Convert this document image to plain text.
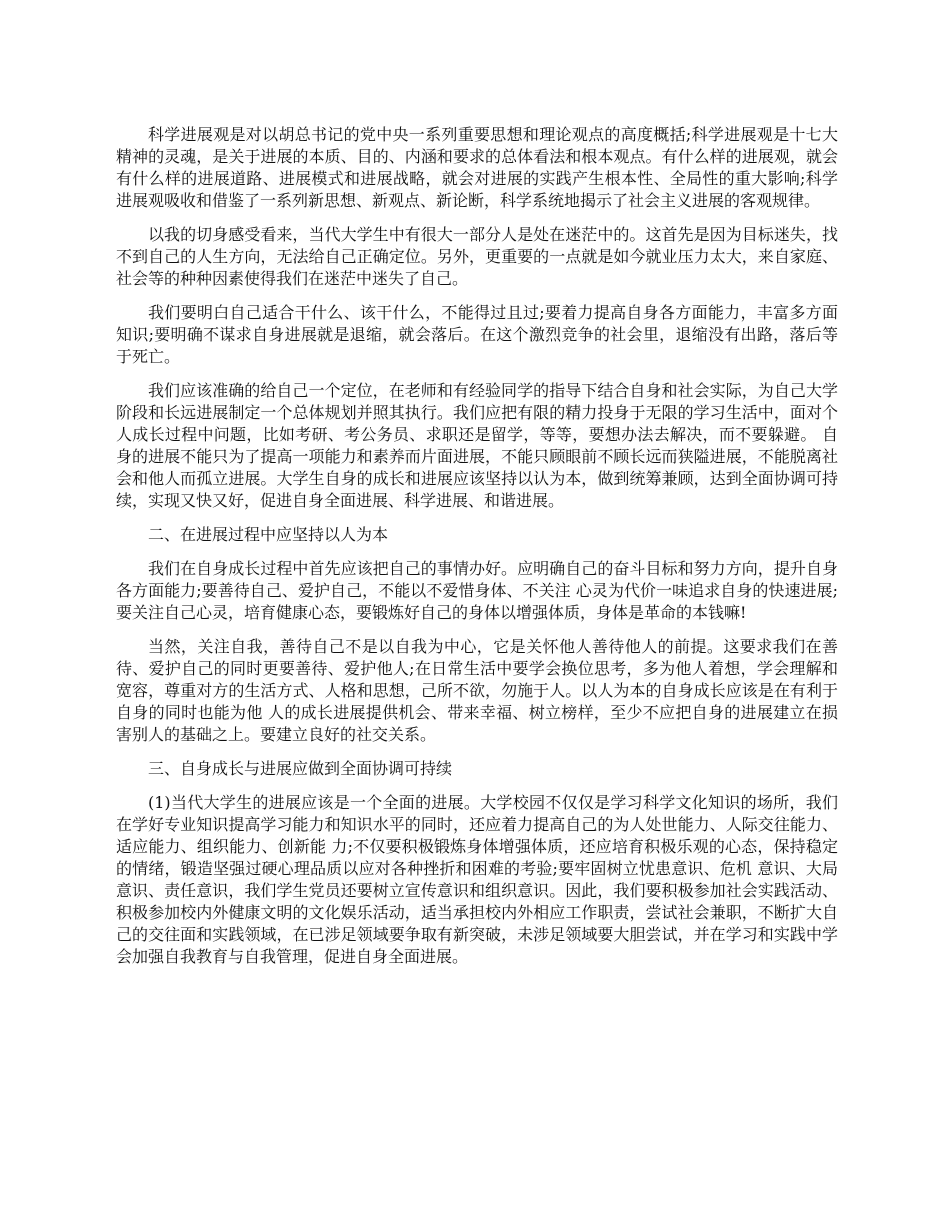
科学进展观是对以胡总书记的党中央一系列重要思想和理论观点的高度概括;科学进展观是十七大精神的灵魂，是关于进展的本质、目的、内涵和要求的总体看法和根本观点。有什么样的进展观，就会有什么样的进展道路、进展模式和进展战略，就会对进展的实践产生根本性、全局性的重大影响;科学进展观吸收和借鉴了一系列新思想、新观点、新论断，科学系统地揭示了社会主义进展的客观规律。

以我的切身感受看来，当代大学生中有很大一部分人是处在迷茫中的。这首先是因为目标迷失，找不到自己的人生方向，无法给自己正确定位。另外，更重要的一点就是如今就业压力太大，来自家庭、社会等的种种因素使得我们在迷茫中迷失了自己。

我们要明白自己适合干什么、该干什么，不能得过且过;要着力提高自身各方面能力，丰富多方面知识;要明确不谋求自身进展就是退缩，就会落后。在这个激烈竞争的社会里，退缩没有出路，落后等于死亡。

我们应该准确的给自己一个定位，在老师和有经验同学的指导下结合自身和社会实际，为自己大学阶段和长远进展制定一个总体规划并照其执行。我们应把有限的精力投身于无限的学习生活中，面对个人成长过程中问题，比如考研、考公务员、求职还是留学，等等，要想办法去解决，而不要躲避。 自身的进展不能只为了提高一项能力和素养而片面进展，不能只顾眼前不顾长远而狭隘进展，不能脱离社会和他人而孤立进展。大学生自身的成长和进展应该坚持以认为本，做到统筹兼顾，达到全面协调可持续，实现又快又好，促进自身全面进展、科学进展、和谐进展。

二、在进展过程中应坚持以人为本

我们在自身成长过程中首先应该把自己的事情办好。应明确自己的奋斗目标和努力方向，提升自身各方面能力;要善待自己、爱护自己，不能以不爱惜身体、不关注 心灵为代价一味追求自身的快速进展;要关注自己心灵，培育健康心态，要锻炼好自己的身体以增强体质，身体是革命的本钱嘛!

当然，关注自我，善待自己不是以自我为中心，它是关怀他人善待他人的前提。这要求我们在善待、爱护自己的同时更要善待、爱护他人;在日常生活中要学会换位思考，多为他人着想，学会理解和宽容，尊重对方的生活方式、人格和思想，己所不欲，勿施于人。以人为本的自身成长应该是在有利于自身的同时也能为他 人的成长进展提供机会、带来幸福、树立榜样，至少不应把自身的进展建立在损害别人的基础之上。要建立良好的社交关系。

三、自身成长与进展应做到全面协调可持续

(1)当代大学生的进展应该是一个全面的进展。大学校园不仅仅是学习科学文化知识的场所，我们在学好专业知识提高学习能力和知识水平的同时，还应着力提高自己的为人处世能力、人际交往能力、适应能力、组织能力、创新能 力;不仅要积极锻炼身体增强体质，还应培育积极乐观的心态，保持稳定的情绪，锻造坚强过硬心理品质以应对各种挫折和困难的考验;要牢固树立忧患意识、危机 意识、大局意识、责任意识，我们学生党员还要树立宣传意识和组织意识。因此，我们要积极参加社会实践活动、积极参加校内外健康文明的文化娱乐活动，适当承担校内外相应工作职责，尝试社会兼职，不断扩大自己的交往面和实践领域，在已涉足领域要争取有新突破，未涉足领域要大胆尝试，并在学习和实践中学会加强自我教育与自我管理，促进自身全面进展。
